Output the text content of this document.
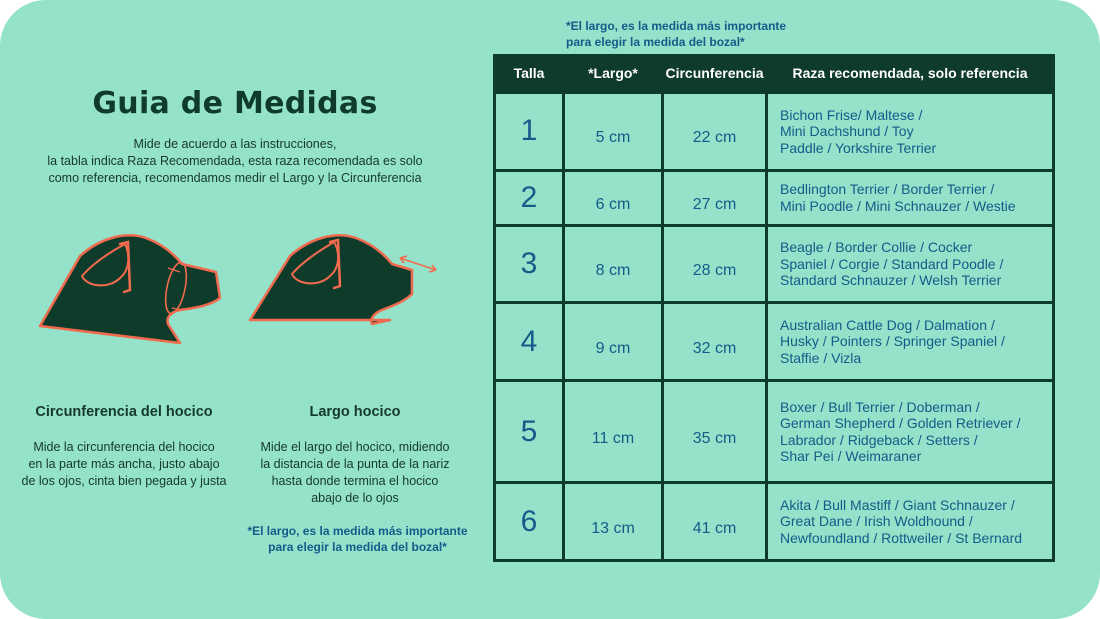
*El largo, es la medida más importante
para elegir la medida del bozal*
Guia de Medidas
Mide de acuerdo a las instrucciones,
la tabla indica Raza Recomendada, esta raza recomendada es solo
como referencia, recomendamos medir el Largo y la Circunferencia
Circunferencia del hocico
Mide la circunferencia del hocico
en la parte más ancha, justo abajo
de los ojos, cinta bien pegada y justa
Largo hocico
Mide el largo del hocico, midiendo
la distancia de la punta de la nariz
hasta donde termina el hocico
abajo de lo ojos
*El largo, es la medida más importante
para elegir la medida del bozal*
Talla	*Largo*	Circunferencia	Raza recomendada, solo referencia
1	5 cm	22 cm	Bichon Frise/ Maltese /
Mini Dachshund / Toy
Paddle / Yorkshire Terrier

2	6 cm	27 cm	Bedlington Terrier / Border Terrier /
Mini Poodle / Mini Schnauzer / Westie

3	8 cm	28 cm	Beagle / Border Collie / Cocker
Spaniel / Corgie / Standard Poodle /
Standard Schnauzer / Welsh Terrier

4	9 cm	32 cm	Australian Cattle Dog / Dalmation /
Husky / Pointers / Springer Spaniel /
Staffie / Vizla

5	11 cm	35 cm	Boxer / Bull Terrier / Doberman /
German Shepherd / Golden Retriever /
Labrador / Ridgeback / Setters /
Shar Pei / Weimaraner

6	13 cm	41 cm	Akita / Bull Mastiff / Giant Schnauzer /
Great Dane / Irish Woldhound /
Newfoundland / Rottweiler / St Bernard
